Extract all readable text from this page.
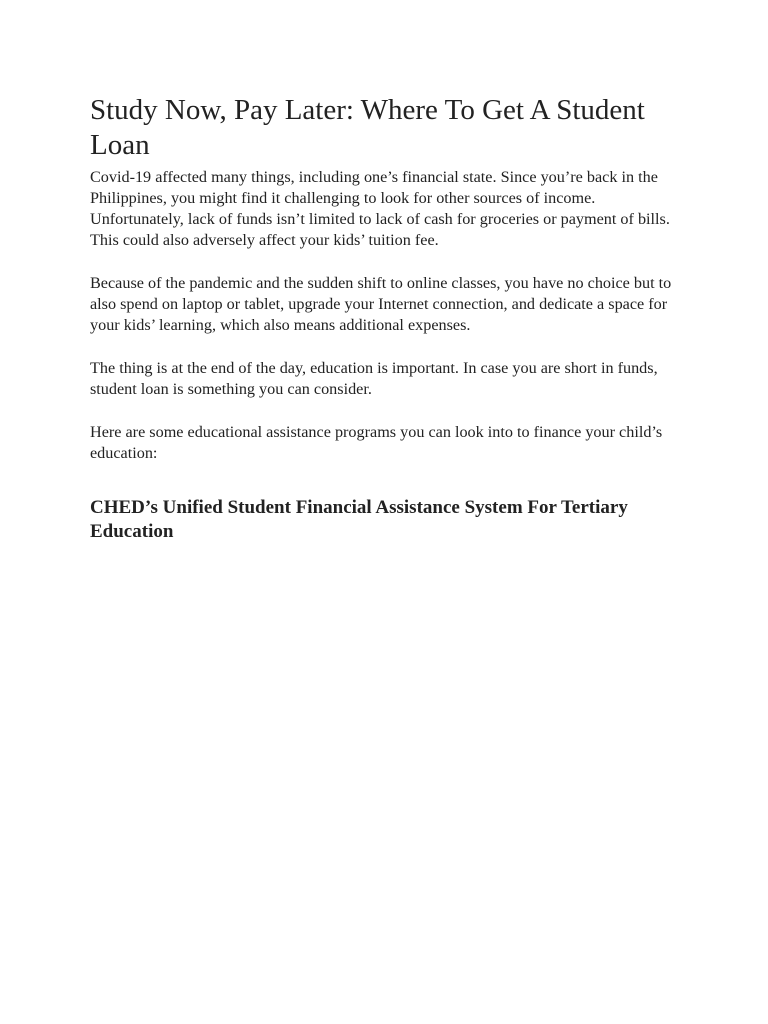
Study Now, Pay Later: Where To Get A Student Loan

Covid-19 affected many things, including one’s financial state. Since you’re back in the Philippines, you might find it challenging to look for other sources of income. Unfortunately, lack of funds isn’t limited to lack of cash for groceries or payment of bills. This could also adversely affect your kids’ tuition fee.

Because of the pandemic and the sudden shift to online classes, you have no choice but to also spend on laptop or tablet, upgrade your Internet connection, and dedicate a space for your kids’ learning, which also means additional expenses.

The thing is at the end of the day, education is important. In case you are short in funds, student loan is something you can consider.

Here are some educational assistance programs you can look into to finance your child’s education:

CHED’s Unified Student Financial Assistance System For Tertiary Education
